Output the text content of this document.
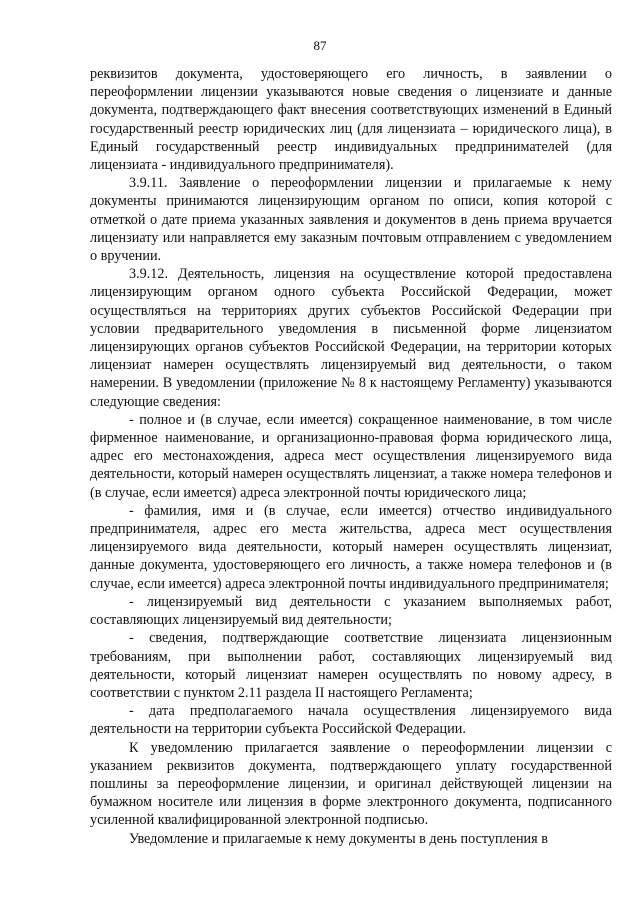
87

реквизитов документа, удостоверяющего его личность, в заявлении о переоформлении лицензии указываются новые сведения о лицензиате и данные документа, подтверждающего факт внесения соответствующих изменений в Единый государственный реестр юридических лиц (для лицензиата – юридического лица), в Единый государственный реестр индивидуальных предпринимателей (для лицензиата - индивидуального предпринимателя).

3.9.11. Заявление о переоформлении лицензии и прилагаемые к нему документы принимаются лицензирующим органом по описи, копия которой с отметкой о дате приема указанных заявления и документов в день приема вручается лицензиату или направляется ему заказным почтовым отправлением с уведомлением о вручении.

3.9.12. Деятельность, лицензия на осуществление которой предоставлена лицензирующим органом одного субъекта Российской Федерации, может осуществляться на территориях других субъектов Российской Федерации при условии предварительного уведомления в письменной форме лицензиатом лицензирующих органов субъектов Российской Федерации, на территории которых лицензиат намерен осуществлять лицензируемый вид деятельности, о таком намерении. В уведомлении (приложение № 8 к настоящему Регламенту) указываются следующие сведения:

- полное и (в случае, если имеется) сокращенное наименование, в том числе фирменное наименование, и организационно-правовая форма юридического лица, адрес его местонахождения, адреса мест осуществления лицензируемого вида деятельности, который намерен осуществлять лицензиат, а также номера телефонов и (в случае, если имеется) адреса электронной почты юридического лица;

- фамилия, имя и (в случае, если имеется) отчество индивидуального предпринимателя, адрес его места жительства, адреса мест осуществления лицензируемого вида деятельности, который намерен осуществлять лицензиат, данные документа, удостоверяющего его личность, а также номера телефонов и (в случае, если имеется) адреса электронной почты индивидуального предпринимателя;

- лицензируемый вид деятельности с указанием выполняемых работ, составляющих лицензируемый вид деятельности;

- сведения, подтверждающие соответствие лицензиата лицензионным требованиям, при выполнении работ, составляющих лицензируемый вид деятельности, который лицензиат намерен осуществлять по новому адресу, в соответствии с пунктом 2.11 раздела II настоящего Регламента;

- дата предполагаемого начала осуществления лицензируемого вида деятельности на территории субъекта Российской Федерации.

К уведомлению прилагается заявление о переоформлении лицензии с указанием реквизитов документа, подтверждающего уплату государственной пошлины за переоформление лицензии, и оригинал действующей лицензии на бумажном носителе или лицензия в форме электронного документа, подписанного усиленной квалифицированной электронной подписью.

Уведомление и прилагаемые к нему документы в день поступления в
